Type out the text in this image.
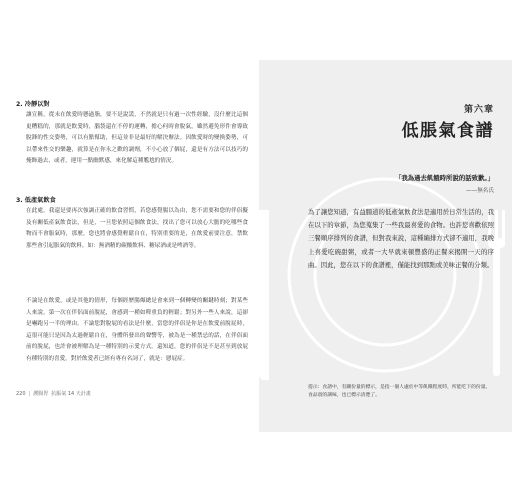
2. 冷靜以對

讓宣稱，從未在飲愛時懸過脂，要不是說謊，不然就是只有過一次性經驗，沒什麼比這個更糟糕的，那就是飲愛時，腦袋還在不停的運轉，擔心何時會脫氣，雖然避免形件會導致脫鋒的性交姿勢，可以有點幫助，但這並非是最好的解決辦法。因飲愛時的變換姿勢，可以帶來性交的樂趣，就算是在你永之歡的調劑，不小心放了個屁，還是有方法可以技巧的掩飾過去，或者，運用一點幽默感，來化解這種尷尬的情況。

3. 低產氣飲食

在此處，我還是要再次強調正確的飲食習慣，若您感覺腸以為由，您不需要和您的伴侶擬及有關低產氣飲食法，但是，一旦您依照這個飲食法，找出了您可以放心大膽的吃哪些食物而不會脹氣時，那麼，您也將會感覺輕鬆自在，特別重要的是，在飲愛前要注意，禁飲那些會引起脹氣的飲料，如：無酒精的碳酸飲料、糖尿酒或是啤酒等。

不論是在飲愛，或是其他的情形，每個經歷腸爆總是會來到一個轉變的關鍵時刻；對某些人來說，第一次在伴侶面前脫屁，會感到一種如釋重負的輕鬆；對另外一些人來說，這卻是嚇跑另一半的理由。不論您對脫屁的看法是什麼，當您的伴侶是你是在飲愛前脫屁時，這很可能只是因為太過輕鬆自在，身體所發出的聲響等，被為是一種禁忌的話，在伴侶面前的脫屁，也許會被理解為是一種特別的示愛方式。還知道，您的伴侶是不是甚至到放屁有種特別的喜愛，對於飲愛者已經有專有名詞了，就是：戀屁症。

220 | 護腸胃 抗脹氣 14 天計畫
第六章
低脹氣食譜
「我為過去飢餓時所說的話致歉。」
——無名氏

為了讓您知道，有益腸道的低產氣飲食法是適用於日常生活的，我在以下的章節，為您蒐集了一些我最喜愛的食物。也許您喜歡依照三餐順序排列的食譜，但對我來說，這種編排方式卻不適用，我晚上喜愛吃碗甜粥，或者一大早就來頓豐盛的正餐來揭開一天的序曲。因此，您在以下的食譜裡，僅能找到那點或美味正餐的分類。

提示：食譜中，有關份量的標示，是指一個人處於中等飢餓程度時，所能吃下的份量。食品項的調味，也已標示清楚了。
